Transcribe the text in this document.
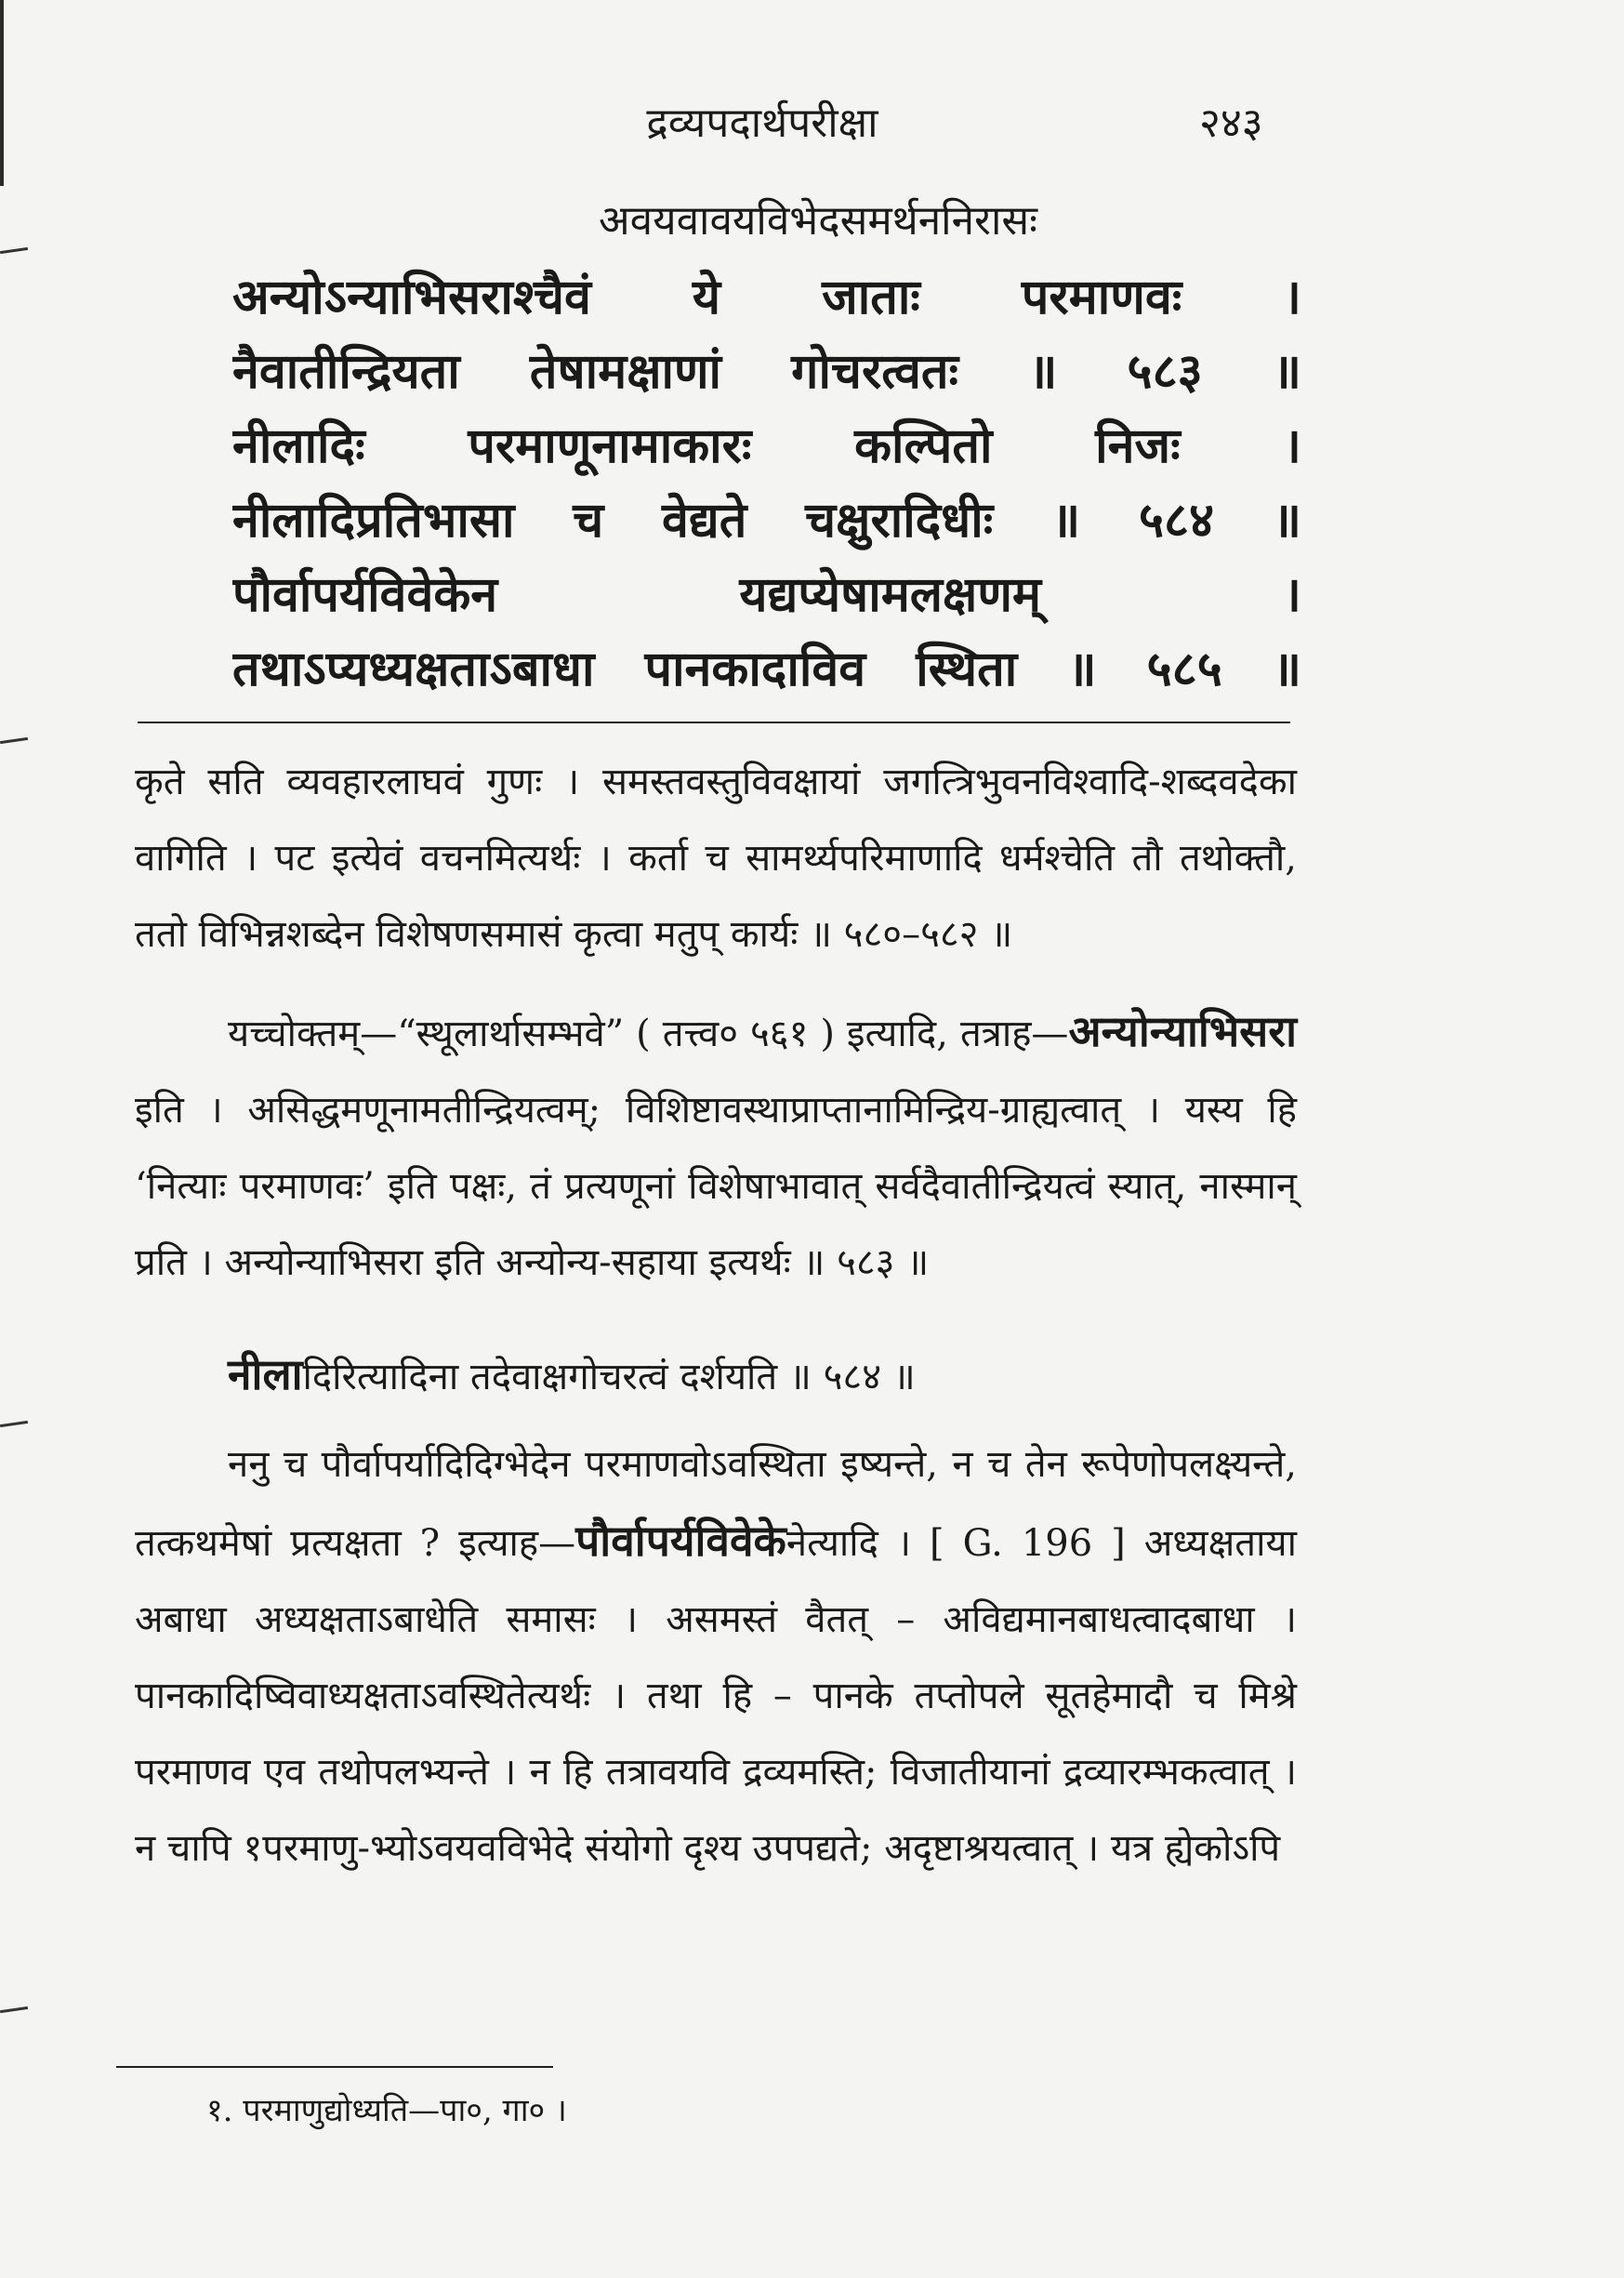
द्रव्यपदार्थपरीक्षा	२४३
अवयवावयविभेदसमर्थननिरासः
अन्योऽन्याभिसराश्चैवं ये जाताः परमाणवः ।
नैवातीन्द्रियता तेषामक्षाणां गोचरत्वतः ॥ ५८३ ॥
नीलादिः परमाणूनामाकारः कल्पितो निजः ।
नीलादिप्रतिभासा च वेद्यते चक्षुरादिधीः ॥ ५८४ ॥
पौर्वापर्यविवेकेन यद्यप्येषामलक्षणम् ।
तथाऽप्यध्यक्षताऽबाधा पानकादाविव स्थिता ॥ ५८५ ॥

कृते सति व्यवहारलाघवं गुणः । समस्तवस्तुविवक्षायां जगत्त्रिभुवनविश्वादि-शब्दवदेका वागिति । पट इत्येवं वचनमित्यर्थः । कर्ता च सामर्थ्यपरिमाणादि धर्मश्चेति तौ तथोक्तौ, ततो विभिन्नशब्देन विशेषणसमासं कृत्वा मतुप् कार्यः ॥ ५८०–५८२ ॥

यच्चोक्तम्—“स्थूलार्थासम्भवे” ( तत्त्व० ५६१ ) इत्यादि, तत्राह—अन्योन्याभिसरा इति । असिद्धमणूनामतीन्द्रियत्वम्; विशिष्टावस्थाप्राप्तानामिन्द्रिय-ग्राह्यत्वात् । यस्य हि ‘नित्याः परमाणवः’ इति पक्षः, तं प्रत्यणूनां विशेषाभावात् सर्वदैवातीन्द्रियत्वं स्यात्, नास्मान् प्रति । अन्योन्याभिसरा इति अन्योन्य-सहाया इत्यर्थः ॥ ५८३ ॥

नीलादिरित्यादिना तदेवाक्षगोचरत्वं दर्शयति ॥ ५८४ ॥

ननु च पौर्वापर्यादिदिग्भेदेन परमाणवोऽवस्थिता इष्यन्ते, न च तेन रूपेणोपलक्ष्यन्ते, तत्कथमेषां प्रत्यक्षता ? इत्याह—पौर्वापर्यविवेकेनेत्यादि । [ G. 196 ] अध्यक्षताया अबाधा अध्यक्षताऽबाधेति समासः । असमस्तं वैतत् – अविद्यमानबाधत्वादबाधा । पानकादिष्विवाध्यक्षताऽवस्थितेत्यर्थः । तथा हि – पानके तप्तोपले सूतहेमादौ च मिश्रे परमाणव एव तथोपलभ्यन्ते । न हि तत्रावयवि द्रव्यमस्ति; विजातीयानां द्रव्यारम्भकत्वात् । न चापि १परमाणु-भ्योऽवयवविभेदे संयोगो दृश्य उपपद्यते; अदृष्टाश्रयत्वात् । यत्र ह्येकोऽपि

१. परमाणुद्योध्यति—पा०, गा० ।
